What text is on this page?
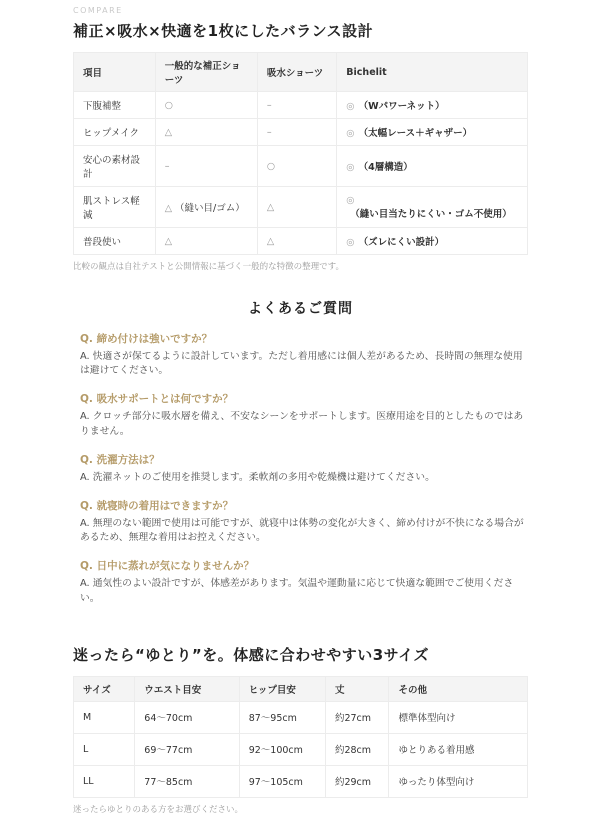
COMPARE
補正×吸水×快適を1枚にしたバランス設計
項目	一般的な補正ショーツ	吸水ショーツ	Bichelit
下腹補整	○	–	◎ （Wパワーネット）
ヒップメイク	△	–	◎ （太幅レース＋ギャザー）
安心の素材設計	–	○	◎ （4層構造）
肌ストレス軽減	△ （縫い目/ゴム）	△	◎（縫い目当たりにくい・ゴム不使用）
普段使い	△	△	◎ （ズレにくい設計）

比較の観点は自社テストと公開情報に基づく一般的な特徴の整理です。

よくあるご質問

Q. 締め付けは強いですか？

A. 快適さが保てるように設計しています。ただし着用感には個人差があるため、長時間の無理な使用は避けてください。

Q. 吸水サポートとは何ですか？

A. クロッチ部分に吸水層を備え、不安なシーンをサポートします。医療用途を目的としたものではありません。

Q. 洗濯方法は？

A. 洗濯ネットのご使用を推奨します。柔軟剤の多用や乾燥機は避けてください。

Q. 就寝時の着用はできますか？

A. 無理のない範囲で使用は可能ですが、就寝中は体勢の変化が大きく、締め付けが不快になる場合があるため、無理な着用はお控えください。

Q. 日中に蒸れが気になりませんか？

A. 通気性のよい設計ですが、体感差があります。気温や運動量に応じて快適な範囲でご使用ください。

迷ったら“ゆとり”を。体感に合わせやすい3サイズ
サイズ	ウエスト目安	ヒップ目安	丈	その他
M	64〜70cm	87〜95cm	約27cm	標準体型向け
L	69〜77cm	92〜100cm	約28cm	ゆとりある着用感
LL	77〜85cm	97〜105cm	約29cm	ゆったり体型向け

迷ったらゆとりのある方をお選びください。
